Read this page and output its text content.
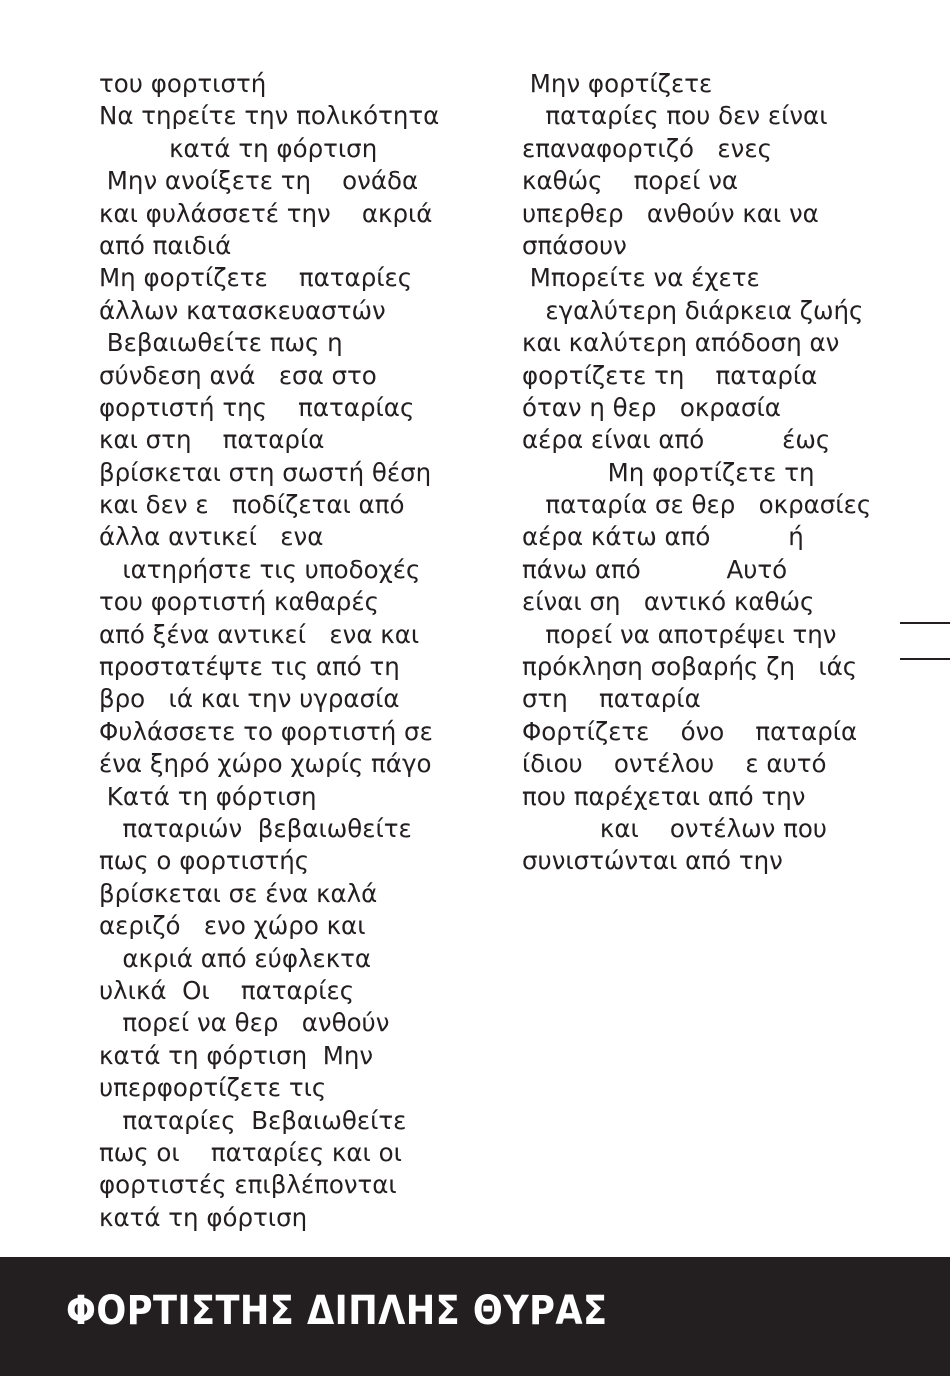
του φορτιστή
Να τηρείτε την πολικότητα
κατά τη φόρτιση
Μην ανοίξετε τη    ονάδα
και φυλάσσετέ την    ακριά
από παιδιά
Μη φορτίζετε    παταρίες
άλλων κατασκευαστών
Βεβαιωθείτε πως η
σύνδεση ανά   εσα στο
φορτιστή της    παταρίας
και στη    παταρία
βρίσκεται στη σωστή θέση
και δεν ε   ποδίζεται από
άλλα αντικεί   ενα
ιατηρήστε τις υποδοχές
του φορτιστή καθαρές
από ξένα αντικεί   ενα και
προστατέψτε τις από τη
βρο   ιά και την υγρασία
Φυλάσσετε το φορτιστή σε
ένα ξηρό χώρο χωρίς πάγο
Κατά τη φόρτιση
παταριών  βεβαιωθείτε
πως ο φορτιστής
βρίσκεται σε ένα καλά
αεριζό   ενο χώρο και
ακριά από εύφλεκτα
υλικά  Οι    παταρίες
πορεί να θερ   ανθούν
κατά τη φόρτιση  Μην
υπερφορτίζετε τις
παταρίες  Βεβαιωθείτε
πως οι    παταρίες και οι
φορτιστές επιβλέπονται
κατά τη φόρτιση
Μην φορτίζετε
παταρίες που δεν είναι
επαναφορτιζό   ενες
καθώς    πορεί να
υπερθερ   ανθούν και να
σπάσουν
Μπορείτε να έχετε
εγαλύτερη διάρκεια ζωής
και καλύτερη απόδοση αν
φορτίζετε τη    παταρία
όταν η θερ   οκρασία
αέρα είναι από          έως
Μη φορτίζετε τη
παταρία σε θερ   οκρασίες
αέρα κάτω από          ή
πάνω από           Αυτό
είναι ση   αντικό καθώς
πορεί να αποτρέψει την
πρόκληση σοβαρής ζη   ιάς
στη    παταρία
Φορτίζετε    όνο    παταρία
ίδιου    οντέλου    ε αυτό
που παρέχεται από την
και    οντέλων που
συνιστώνται από την
ΦΟΡΤΙΣΤΗΣ ΔΙΠΛΗΣ ΘΥΡΑΣ
